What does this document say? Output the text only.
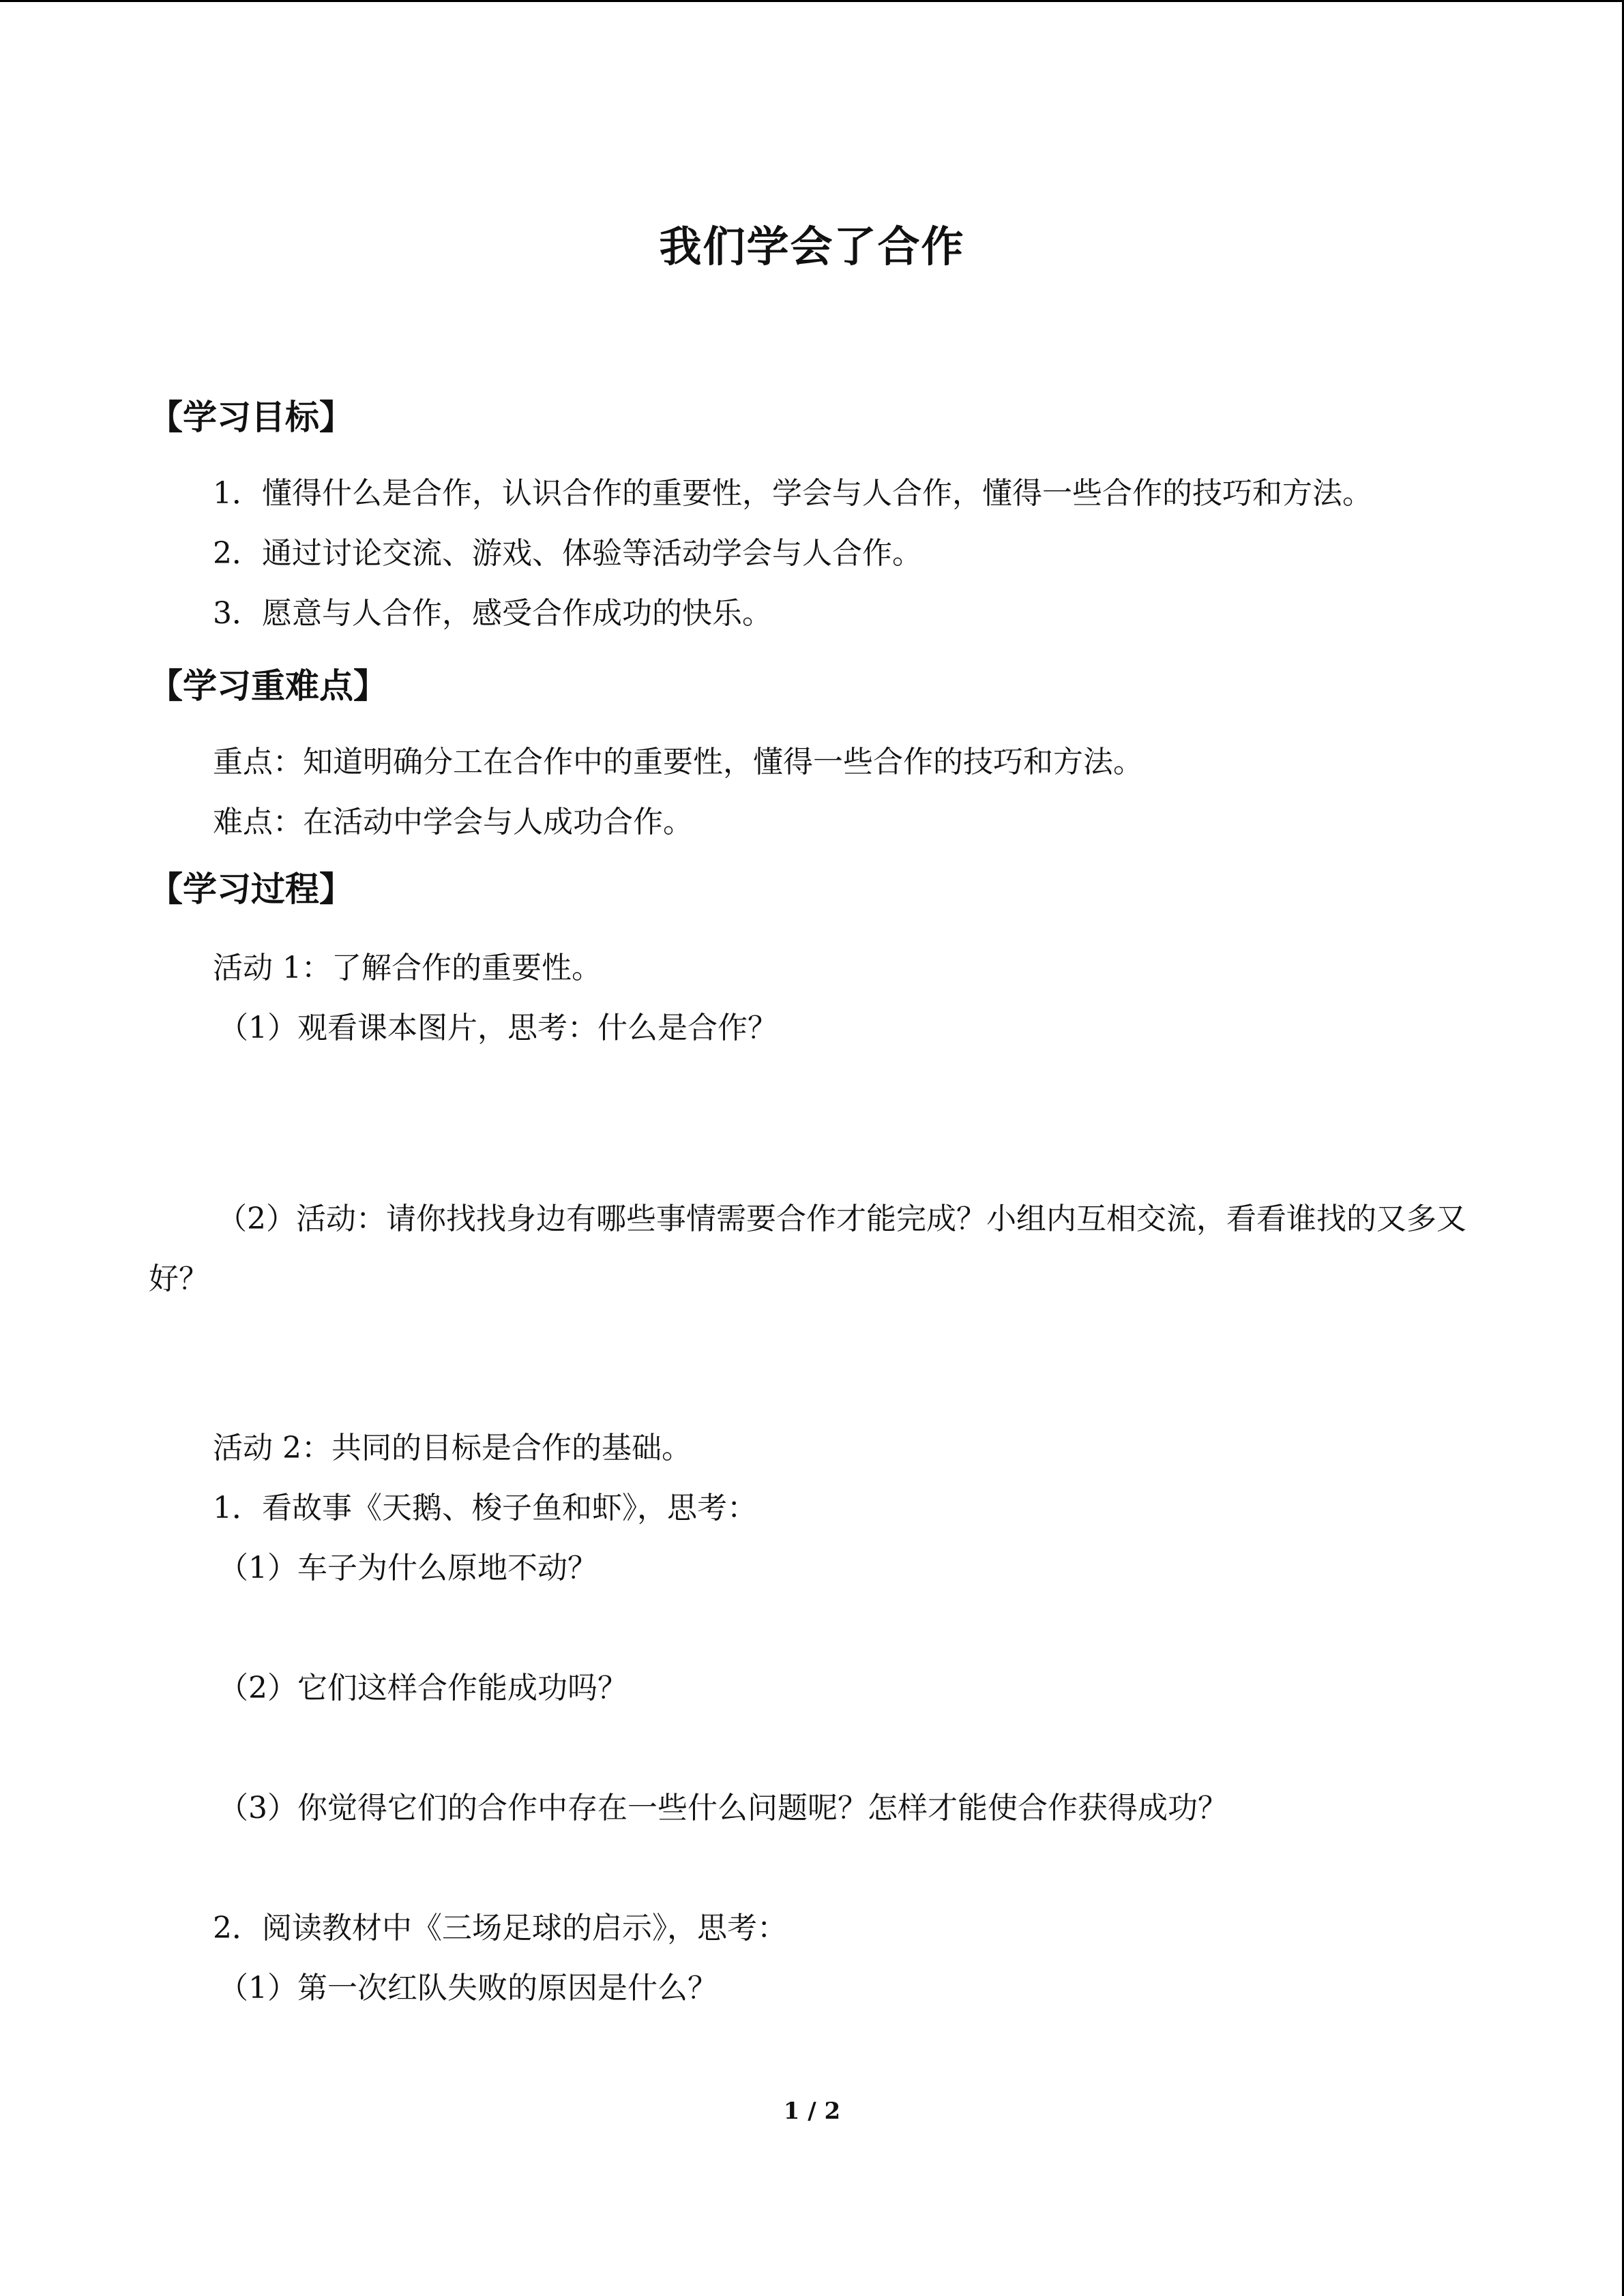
我们学会了合作
【学习目标】
1．懂得什么是合作，认识合作的重要性，学会与人合作，懂得一些合作的技巧和方法。
2．通过讨论交流、游戏、体验等活动学会与人合作。
3．愿意与人合作，感受合作成功的快乐。
【学习重难点】
重点：知道明确分工在合作中的重要性，懂得一些合作的技巧和方法。
难点：在活动中学会与人成功合作。
【学习过程】
活动 1：了解合作的重要性。
（1）观看课本图片，思考：什么是合作？
（2）活动：请你找找身边有哪些事情需要合作才能完成？小组内互相交流，看看谁找的又多又好？
活动 2：共同的目标是合作的基础。
1．看故事《天鹅、梭子鱼和虾》，思考：
（1）车子为什么原地不动？
（2）它们这样合作能成功吗？
（3）你觉得它们的合作中存在一些什么问题呢？怎样才能使合作获得成功？
2．阅读教材中《三场足球的启示》，思考：
（1）第一次红队失败的原因是什么？
1 / 2
